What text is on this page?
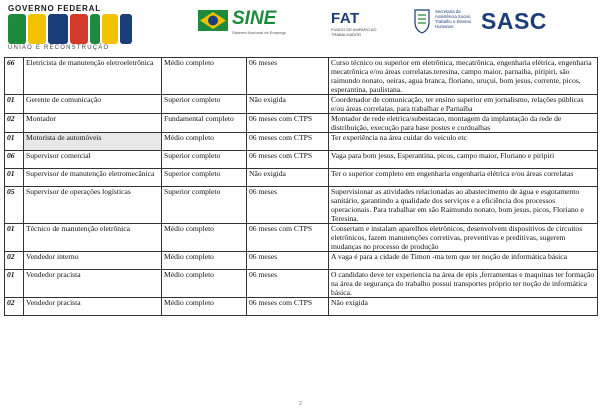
GOVERNO FEDERAL
UNIÃO E RECONSTRUÇÃO
SINE
Sistema Nacional de Emprego
FAT
FUNDO DE AMPARO AO TRABALHADOR
Secretaria da Assistência Social, Trabalho e Direitos Humanos	SASC
66	Eletricista de manutenção eletroeletrônica	Médio completo	06 meses	Curso técnico ou superior em eletrônica, mecatrônica, engenharia elétrica, engenharia mecatrônica e/ou áreas correlatas.teresina, campo maior, parnaiba, piripiri, são raimundo nonato, oeiras, agua branca, floriano, uruçui, bom jesus, corrente, picos, esperantina, paulistana.
01	Gerente de comunicação	Superior completo	Não exigida	Coordenador de comunicação, ter ensino superior em jornalismo, relações públicas e/ou áreas correlatas, para trabalhar e Parnaíba
02	Montador	Fundamental completo	06 meses com CTPS	Montador de rede eletrica/subestacao, montagem da implantação da rede de distribuição, execução para base postes e cordoalhas
01	Motorista de automóveis	Médio completo	06 meses com CTPS	Ter experiência na área cuidar do veiculo etc
06	Supervisor comercial	Superior completo	06 meses com CTPS	Vaga para bom jesus, Esperantina, picos, campo maior, Floriano e piripiri
01	Supervisor de manutenção eletromecânica	Superior completo	Não exigida	Ter o superior completo em engenharia engenharia elétrica e/ou áreas correlatas
05	Supervisor de operações logísticas	Superior completo	06 meses	Supervisionar as atividades relacionadas ao abastecimento de água e esgotamento sanitário, garantindo a qualidade dos serviços e a eficiência dos processos operacionais. Para trabalhar em são Raimundo nonato, bom jesus, picos, Floriano e Teresina.
01	Técnico de manutenção eletrônica	Médio completo	06 meses com CTPS	Consertam e instalam aparelhos eletrônicos, desenvolvem dispositivos de circuitos eletrônicos, fazem manutenções corretivas, preventivas e preditivas, sugerem mudanças no processo de produção
02	Vendedor interno	Médio completo	06 meses	A vaga é para a cidade de Timon -ma tem que ter noção de informática básica
01	Vendedor pracista	Médio completo	06 meses	O candidato deve ter experiencia na área de epis ,ferramentas e maquinas ter formação na área de segurança do trabalho possui transportes próprio ter noção de informática básica.
02	Vendedor pracista	Médio completo	06 meses com CTPS	Não exigida
2
